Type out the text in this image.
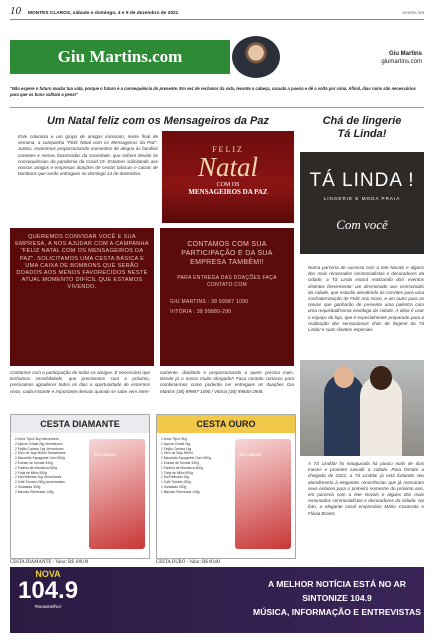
10 MONTES CLAROS, sábado e domingo, 4 e 5 de dezembro de 2021	onorte.net
Giu Martins.com	Giu Martins
giumartins.com
"Não espere o futuro mudar tua vida, porque o futuro é a consequência do presente. Em vez de reclamar da vida, levante a cabeça, sacuda a poeira e dê a volta por cima. Afinal, dias ruins são necessários para que os bons valham a pena!"
Um Natal feliz com os Mensageiros da Paz
Este colunista e um grupo de amigos iniciaram, neste final de semana, a campanha "Feliz Natal com os Mensageiros da Paz". Juntos, estaremos proporcionando momentos de alegria às famílias carentes e menos favorecidas da sociedade, que sofrem devido às consequências da pandemia da Covid-19. Estamos solicitando aos nossos amigos e empresas doações de cestas básicas e caixas de bombons que serão entregues no domingo 14 de dezembro.
FELIZ
Natal
COM OS
MENSAGEIROS DA PAZ
QUEREMOS CONVIDAR VOCÊ E SUA EMPRESA, A NOS AJUDAR COM A CAMPANHA "FELIZ NATAL COM OS MENSAGEIROS DA PAZ". SOLICITAMOS UMA CESTA BÁSICA E UMA CAIXA DE BOMBONS QUE SERÃO DOADOS AOS MENOS FAVORECIDOS NESTE ATUAL MOMENTO DIFÍCIL QUE ESTAMOS VIVENDO.
CONTAMOS COM SUA PARTICIPAÇÃO E DA SUA EMPRESA TAMBÉM!!
PARA ENTREGA DAS DOAÇÕES FAÇA CONTATO.COM
GIU MARTINS : 38 99987 1090
VITÓRIA : 38 99880-290
Contamos com a participação de todos os amigos. É necessário que tenhamos sensibilidade, que precisemos com o próximo, precisamos agradecer todos os dias a oportunidade de estarmos vivos, cada instante é importante demais quando se sabe vem inten-
samente, dividindo e proporcionando a quem precisa mais. Desde já o nosso muito obrigado!! Faça contato conosco para combinarmos como poderão ser entregues as doações Giu Martins (38) 99987-1090 / Vitória (38) 99840-2908.
Chá de lingerie
Tá Linda!
TÁ LINDA !
LINGERIE E MODA PRAIA
Com você
Numa parceria de sucesso com a Iete Novais e alguns dos mais renomados cerimonialistas e decoradores da cidade, a Tá Linda estará realizando dois eventos distintos brevemente: um direcionado aos cerimonialis da cidade, que estarão atendendo às convites para uma confraternização de Feliz Ano Novo, e um outro para as noivas que ganharão de presente uma palestra com uma requisitadíssima sexóloga da cidade. A ideia é usar o espaço da loja, que é especialmente preparado para a realização dos sensacionais chás de lingerie da Tá Linda! e suas clientes especiais.
A Tá Lindda! foi inaugurada há pouco mais de dois meses e promete sacudir a cidade. Para brindar a chegada de 2022, a Tá Lindda! já está lixitando seu atendimento à elegantes recorrências que já marcaram seus enlaces para o primeiro semestre do próximo ano, em parceria com a Iete Novais e alguns dos mais renomados cerimonialistas e decoradores da cidade. Na foto, a elegante casal empresário Mário Coxassito e Flávia Brants.
CESTA DIAMANTE
2 Arroz Tipo1 5kg Vencedores
2 Açúcar Cristal 2kg Vencedores
2 Feijão Carioca 1kg Vencedores
2 Óleo de Soja 900ml Tauaveriane
2 Macarrão Espaguete Ouro 500g
2 Extrato de Tomate 340g
2 Farinha de Mandioca 500g
2 Fubá de Milho 500g
2 Sal Refinado 1kg Vencedores
2 Café Torrado 250g Aconestrales
2 Goiabada 300g
2 Biscoito Recheado 140g
Vencedores
CESTA DIAMANTE - Valor: R$ 180,00
CESTA OURO
1 Arroz Tipo1 5kg
1 Açúcar Cristal 2kg
1 Feijão Carioca 1kg
1 Óleo de Soja 900ml
1 Macarrão Espaguete Ouro 500g
1 Extrato de Tomate 340g
1 Farinha de Mandioca 500g
1 Fubá de Milho 500g
1 Sal Refinado 1kg
1 Café Torrado 250g
1 Goiabada 300g
1 Biscoito Recheado 140g
Vencedores
CESTA OURO - Valor: R$ 60,00
NOVA
104.9
#tonamelhor
A MELHOR NOTÍCIA ESTÁ NO AR
SINTONIZE 104.9
MÚSICA, INFORMAÇÃO E ENTREVISTAS
